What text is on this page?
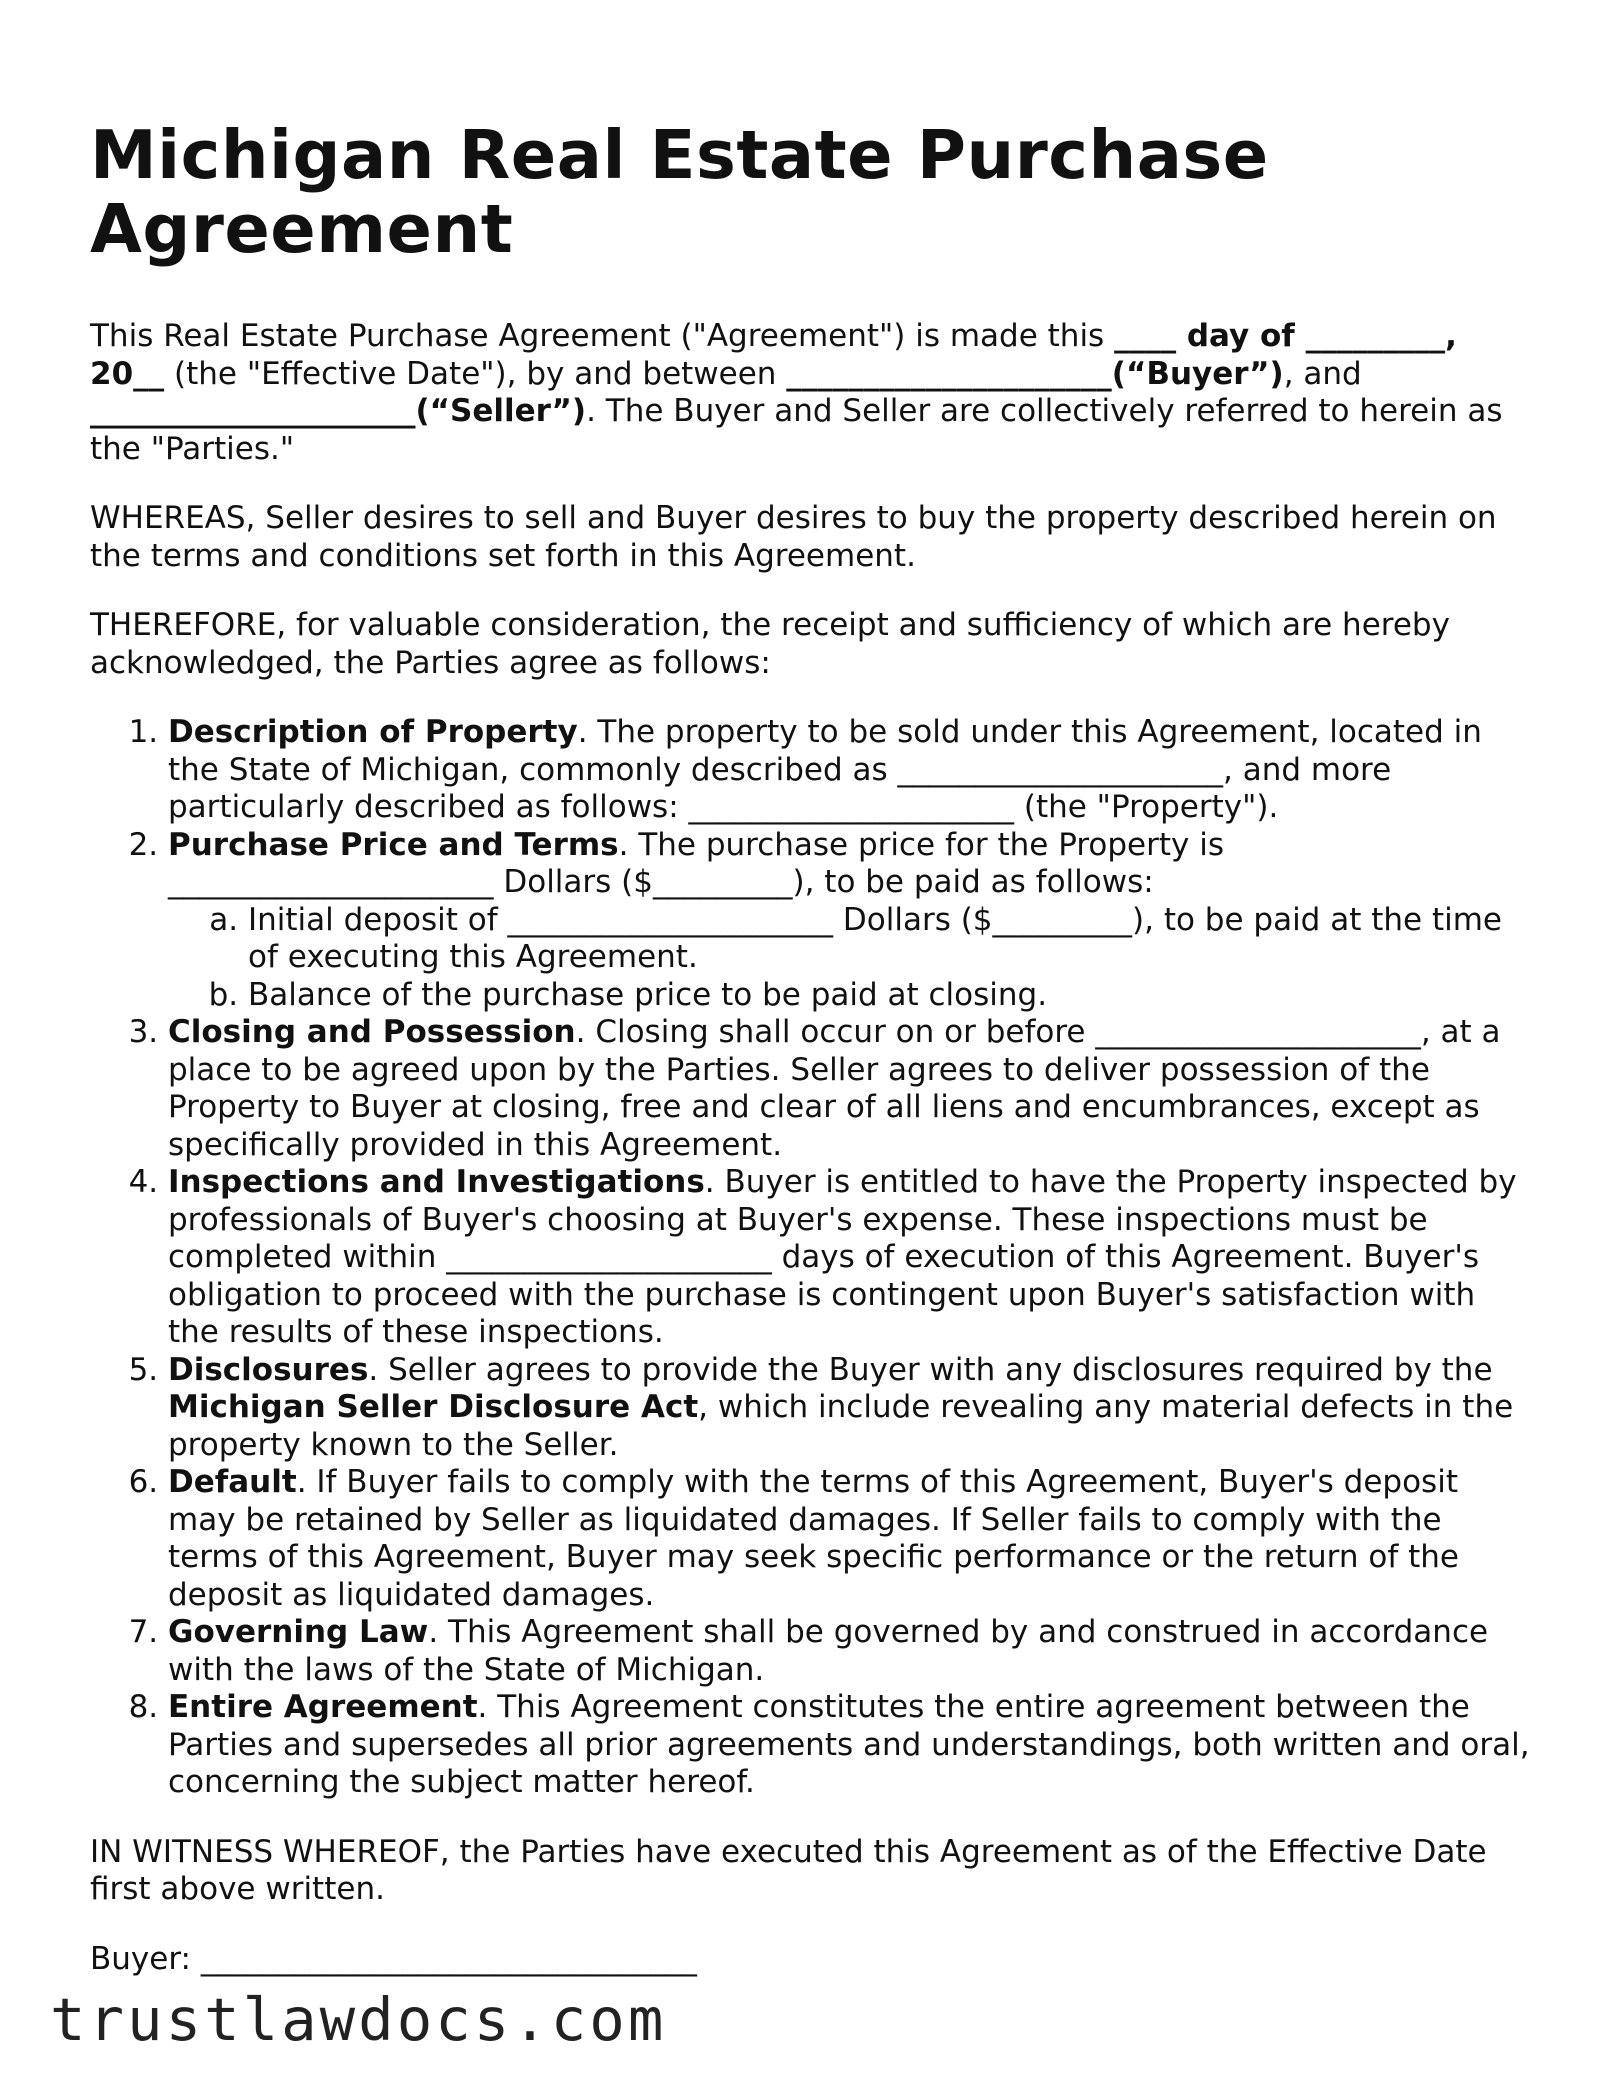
Michigan Real Estate Purchase Agreement

This Real Estate Purchase Agreement ("Agreement") is made this ____ day of _________, 20__ (the "Effective Date"), by and between _____________________(“Buyer”), and _____________________(“Seller”). The Buyer and Seller are collectively referred to herein as the "Parties."

WHEREAS, Seller desires to sell and Buyer desires to buy the property described herein on the terms and conditions set forth in this Agreement.

THEREFORE, for valuable consideration, the receipt and sufficiency of which are hereby acknowledged, the Parties agree as follows:

1. Description of Property. The property to be sold under this Agreement, located in the State of Michigan, commonly described as _____________________, and more particularly described as follows: _____________________ (the "Property").
2. Purchase Price and Terms. The purchase price for the Property is _____________________ Dollars ($_________), to be paid as follows:
a. Initial deposit of _____________________ Dollars ($_________), to be paid at the time of executing this Agreement.
b. Balance of the purchase price to be paid at closing.
3. Closing and Possession. Closing shall occur on or before _____________________, at a place to be agreed upon by the Parties. Seller agrees to deliver possession of the Property to Buyer at closing, free and clear of all liens and encumbrances, except as specifically provided in this Agreement.
4. Inspections and Investigations. Buyer is entitled to have the Property inspected by professionals of Buyer's choosing at Buyer's expense. These inspections must be completed within _____________________ days of execution of this Agreement. Buyer's obligation to proceed with the purchase is contingent upon Buyer's satisfaction with the results of these inspections.
5. Disclosures. Seller agrees to provide the Buyer with any disclosures required by the Michigan Seller Disclosure Act, which include revealing any material defects in the property known to the Seller.
6. Default. If Buyer fails to comply with the terms of this Agreement, Buyer's deposit may be retained by Seller as liquidated damages. If Seller fails to comply with the terms of this Agreement, Buyer may seek specific performance or the return of the deposit as liquidated damages.
7. Governing Law. This Agreement shall be governed by and construed in accordance with the laws of the State of Michigan.
8. Entire Agreement. This Agreement constitutes the entire agreement between the Parties and supersedes all prior agreements and understandings, both written and oral, concerning the subject matter hereof.

IN WITNESS WHEREOF, the Parties have executed this Agreement as of the Effective Date first above written.

Buyer: ________________________________

trustlawdocs.com
